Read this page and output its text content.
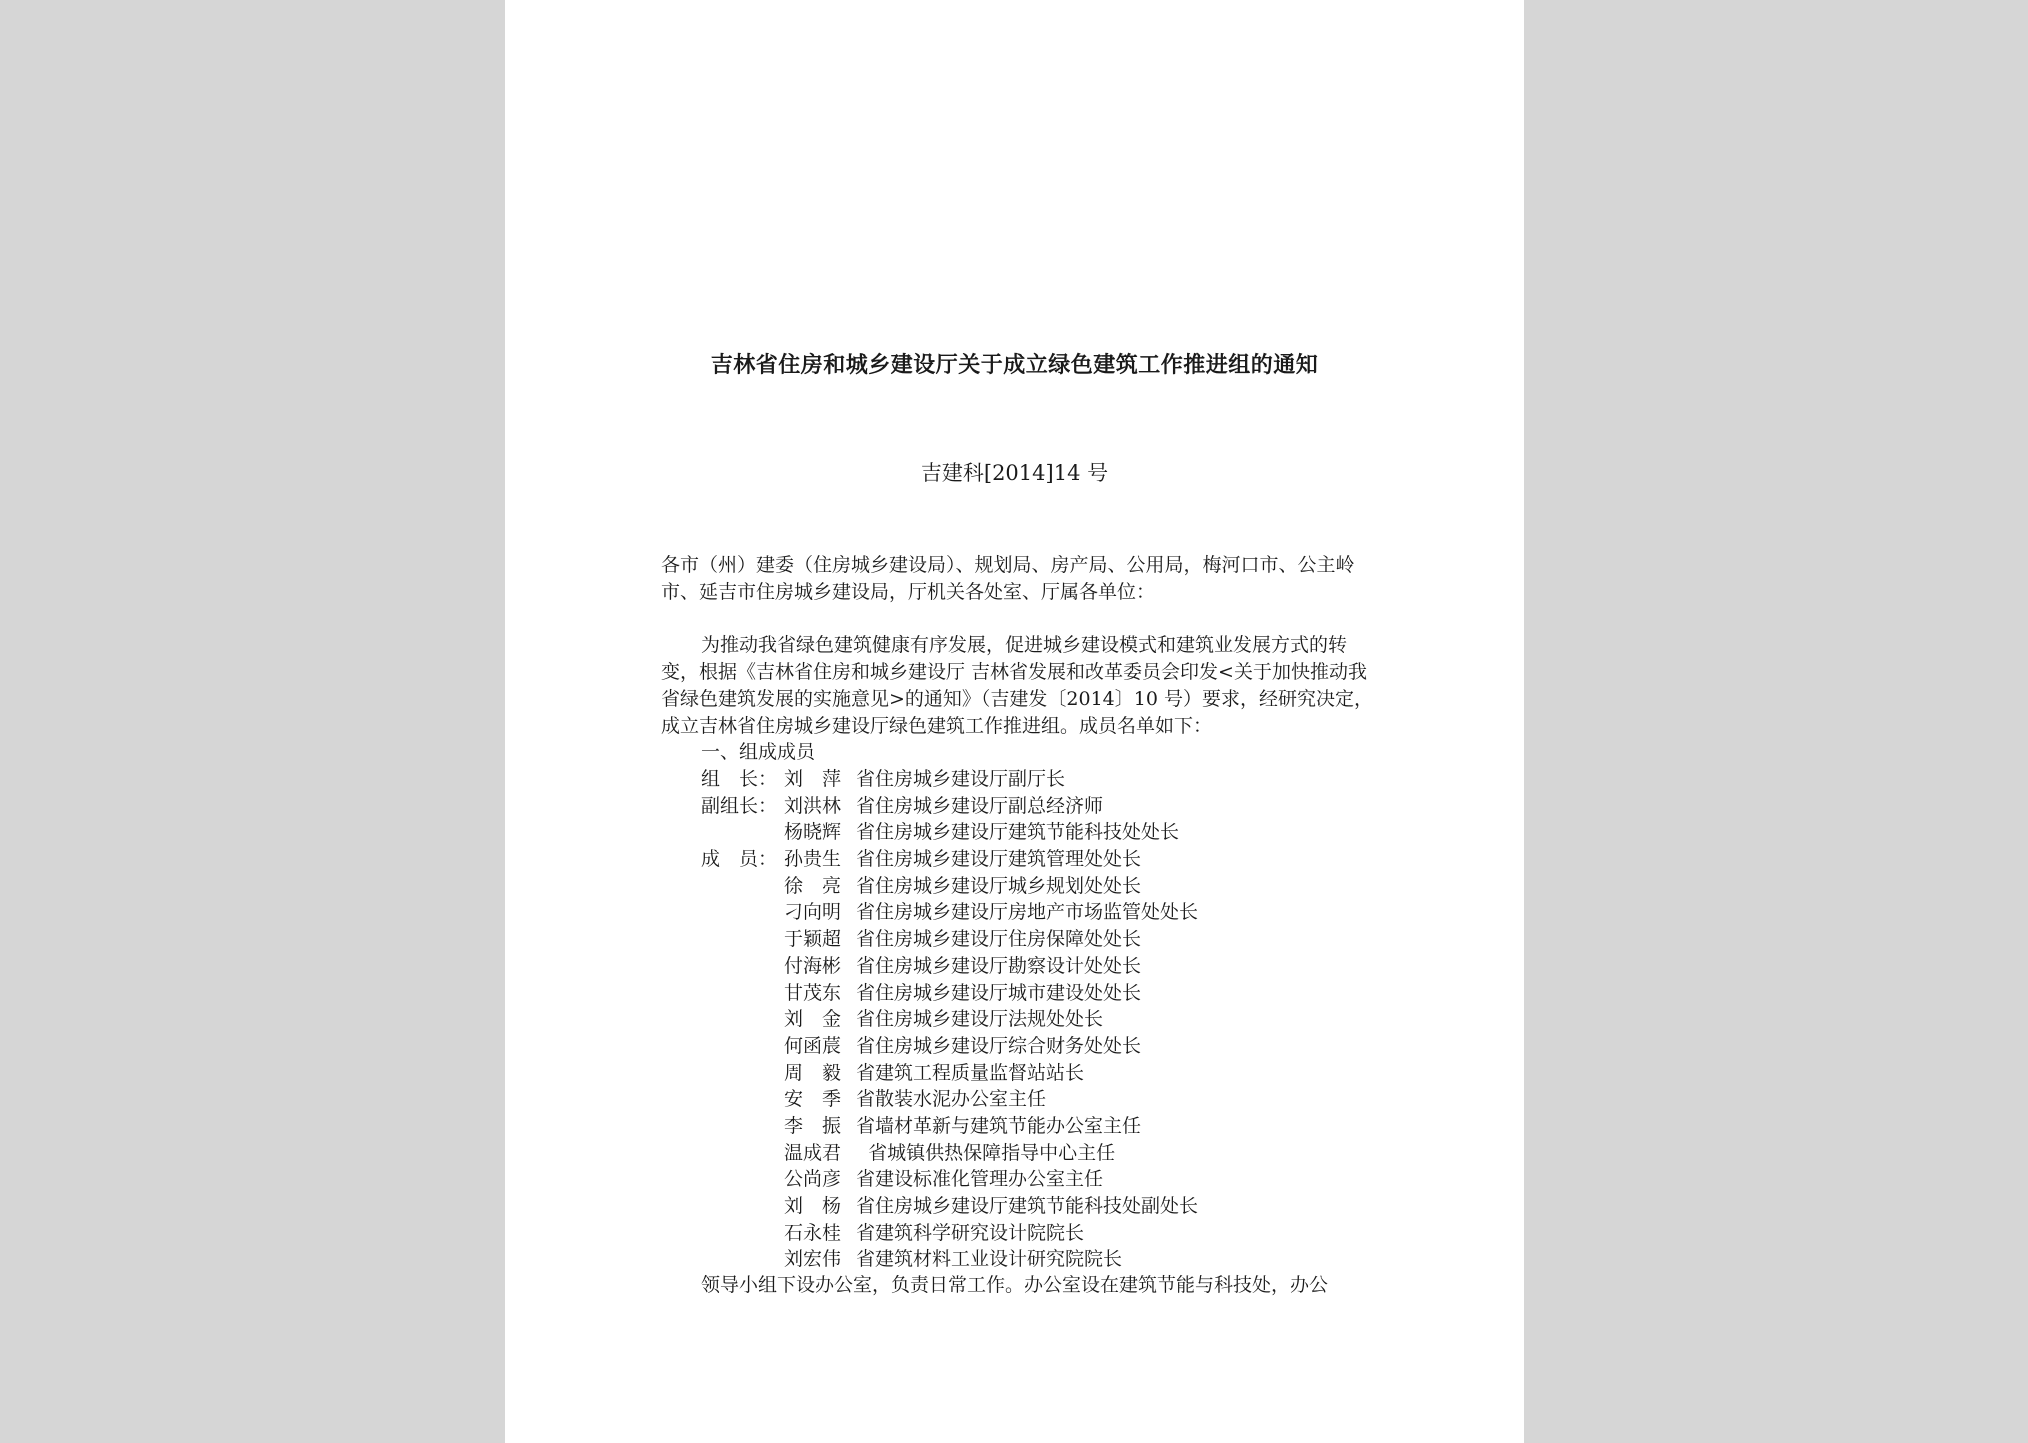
吉林省住房和城乡建设厅关于成立绿色建筑工作推进组的通知
吉建科[2014]14 号
各市（州）建委（住房城乡建设局）、规划局、房产局、公用局，梅河口市、公主岭市、延吉市住房城乡建设局，厅机关各处室、厅属各单位：
为推动我省绿色建筑健康有序发展，促进城乡建设模式和建筑业发展方式的转变，根据《吉林省住房和城乡建设厅 吉林省发展和改革委员会印发<关于加快推动我省绿色建筑发展的实施意见>的通知》（吉建发〔2014〕10 号）要求，经研究决定，成立吉林省住房城乡建设厅绿色建筑工作推进组。成员名单如下：
一、组成成员
组　长： 刘　萍 省住房城乡建设厅副厅长
副组长： 刘洪林 省住房城乡建设厅副总经济师
杨晓辉 省住房城乡建设厅建筑节能科技处处长
成　员： 孙贵生 省住房城乡建设厅建筑管理处处长
徐　亮 省住房城乡建设厅城乡规划处处长
刁向明 省住房城乡建设厅房地产市场监管处处长
于颖超 省住房城乡建设厅住房保障处处长
付海彬 省住房城乡建设厅勘察设计处处长
甘茂东 省住房城乡建设厅城市建设处处长
刘　金 省住房城乡建设厅法规处处长
何函莀 省住房城乡建设厅综合财务处处长
周　毅 省建筑工程质量监督站站长
安　季 省散装水泥办公室主任
李　振 省墙材革新与建筑节能办公室主任
温成君 省城镇供热保障指导中心主任
公尚彦 省建设标准化管理办公室主任
刘　杨 省住房城乡建设厅建筑节能科技处副处长
石永桂 省建筑科学研究设计院院长
刘宏伟 省建筑材料工业设计研究院院长
领导小组下设办公室，负责日常工作。办公室设在建筑节能与科技处，办公
